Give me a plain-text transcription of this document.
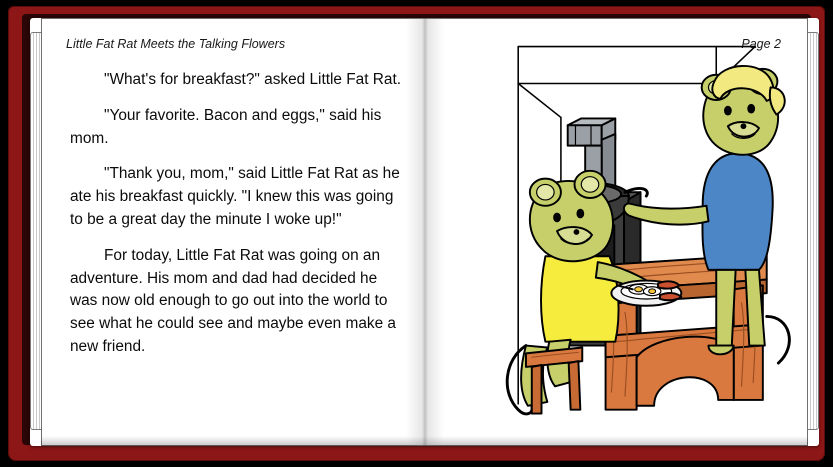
Little Fat Rat Meets the Talking Flowers

"What's for breakfast?" asked Little Fat Rat.

"Your favorite. Bacon and eggs," said his mom.

"Thank you, mom," said Little Fat Rat as he ate his breakfast quickly. "I knew this was going to be a great day the minute I woke up!"

For today, Little Fat Rat was going on an adventure. His mom and dad had decided he was now old enough to go out into the world to see what he could see and maybe even make a new friend.

Page 2
